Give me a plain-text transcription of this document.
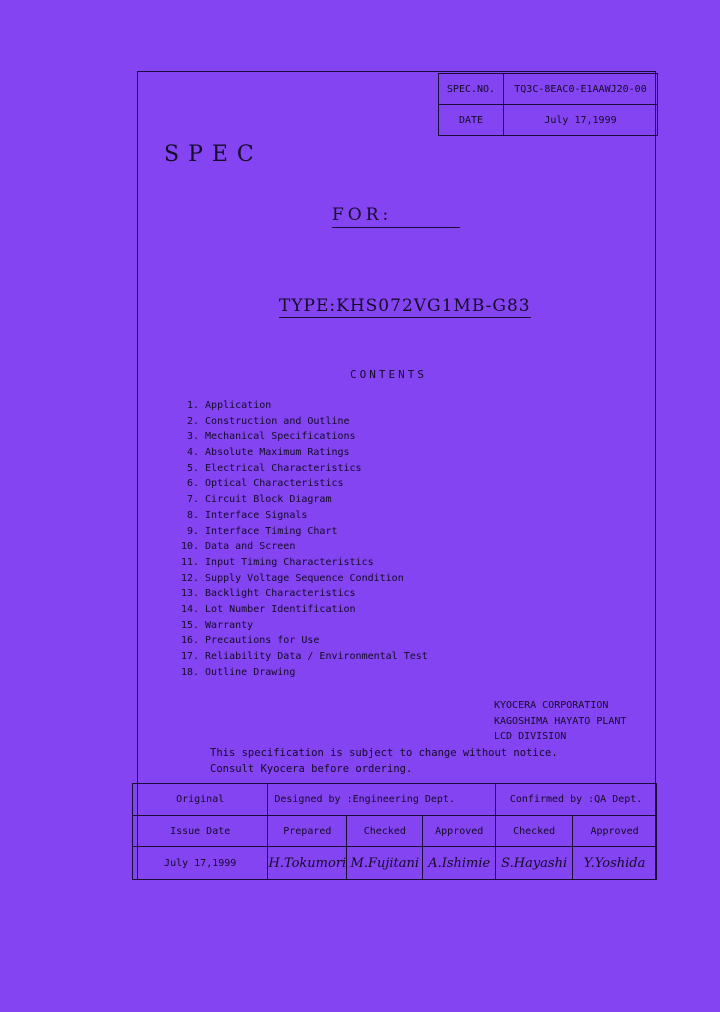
SPEC.NO.	TQ3C-8EAC0-E1AAWJ20-00
DATE	July 17,1999
SPEC
FOR:
TYPE:KHS072VG1MB-G83
CONTENTS
1. Application
2. Construction and Outline
3. Mechanical Specifications
4. Absolute Maximum Ratings
5. Electrical Characteristics
6. Optical Characteristics
7. Circuit Block Diagram
8. Interface Signals
9. Interface Timing Chart
10. Data and Screen
11. Input Timing Characteristics
12. Supply Voltage Sequence Condition
13. Backlight Characteristics
14. Lot Number Identification
15. Warranty
16. Precautions for Use
17. Reliability Data / Environmental Test
18. Outline Drawing
KYOCERA CORPORATION
KAGOSHIMA HAYATO PLANT
LCD DIVISION
This specification is subject to change without notice.
Consult Kyocera before ordering.
Original	Designed by :Engineering Dept.			Confirmed by :QA Dept.	
Issue Date	Prepared	Checked	Approved	Checked	Approved
July 17,1999	H.Tokumori	M.Fujitani	A.Ishimie	S.Hayashi	Y.Yoshida
